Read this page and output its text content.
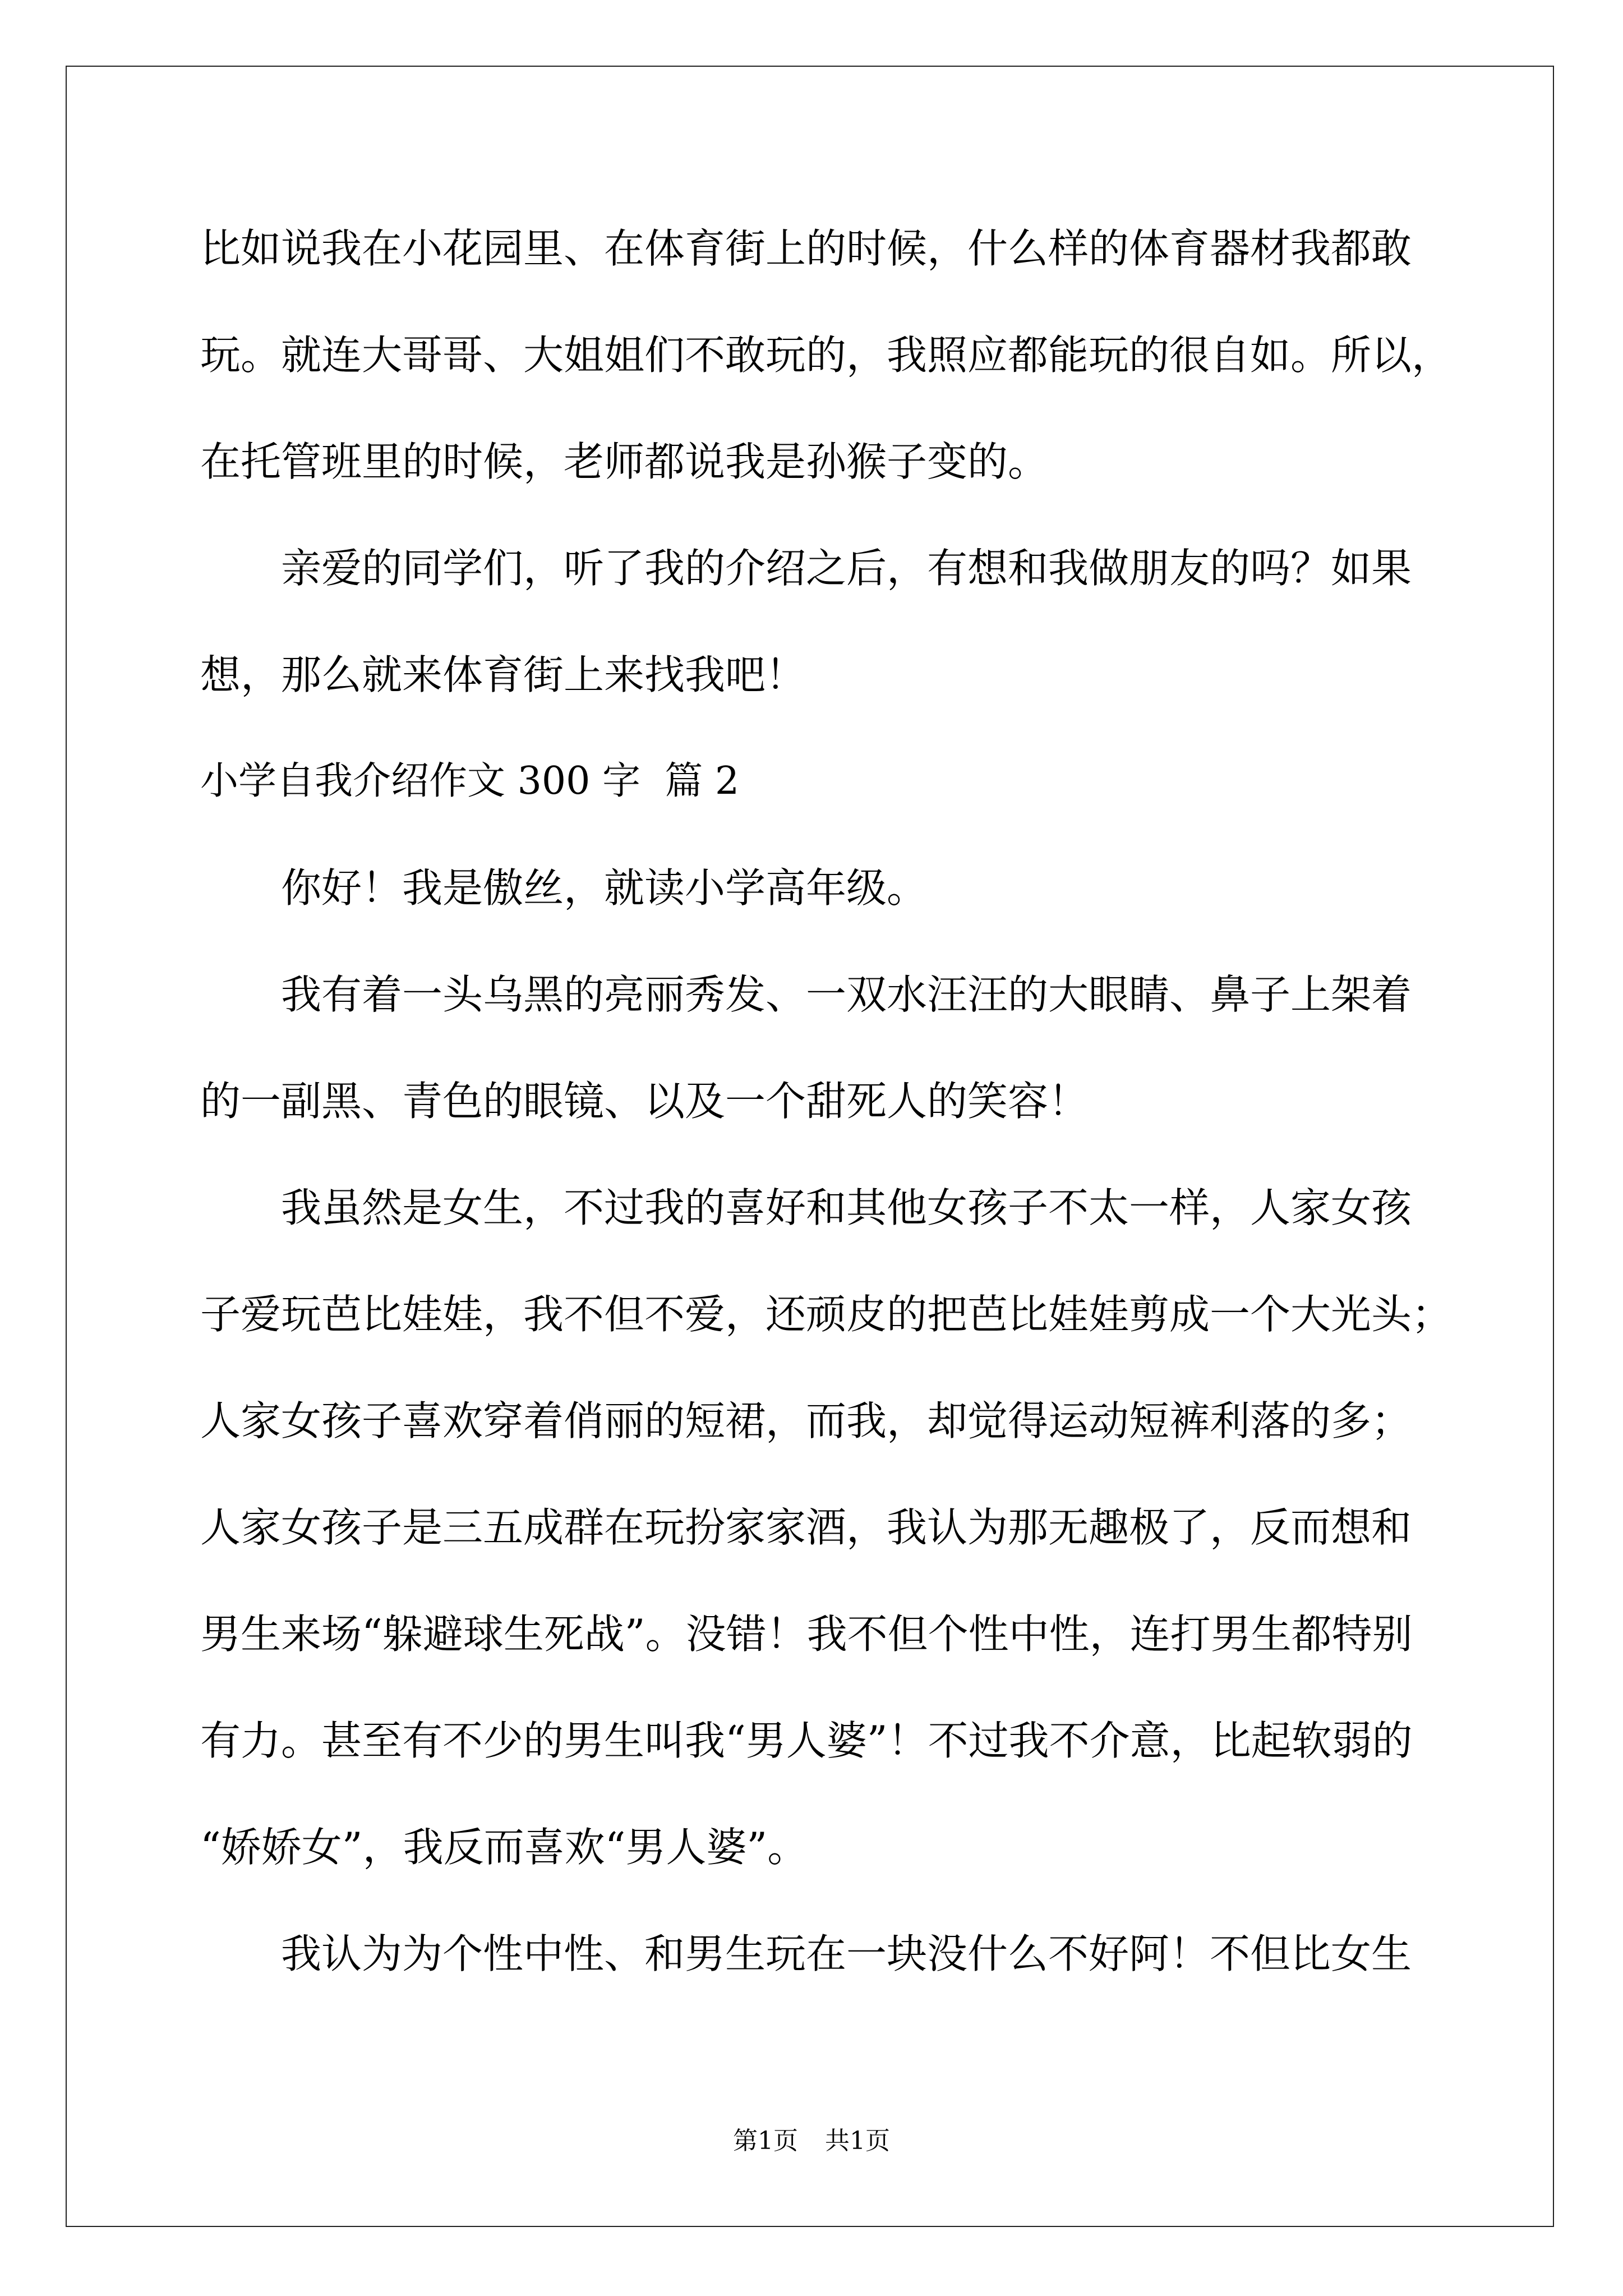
比如说我在小花园里、在体育街上的时候，什么样的体育器材我都敢
玩。就连大哥哥、大姐姐们不敢玩的，我照应都能玩的很自如。所以，
在托管班里的时候，老师都说我是孙猴子变的。
亲爱的同学们，听了我的介绍之后，有想和我做朋友的吗？如果
想，那么就来体育街上来找我吧！
小学自我介绍作文 300 字  篇 2
你好！我是傲丝，就读小学高年级。
我有着一头乌黑的亮丽秀发、一双水汪汪的大眼睛、鼻子上架着
的一副黑、青色的眼镜、以及一个甜死人的笑容！
我虽然是女生，不过我的喜好和其他女孩子不太一样，人家女孩
子爱玩芭比娃娃，我不但不爱，还顽皮的把芭比娃娃剪成一个大光头；
人家女孩子喜欢穿着俏丽的短裙，而我，却觉得运动短裤利落的多；
人家女孩子是三五成群在玩扮家家酒，我认为那无趣极了，反而想和
男生来场“躲避球生死战”。没错！我不但个性中性，连打男生都特别
有力。甚至有不少的男生叫我“男人婆”！不过我不介意，比起软弱的
“娇娇女”，我反而喜欢“男人婆”。
我认为为个性中性、和男生玩在一块没什么不好阿！不但比女生
第1页 共1页
